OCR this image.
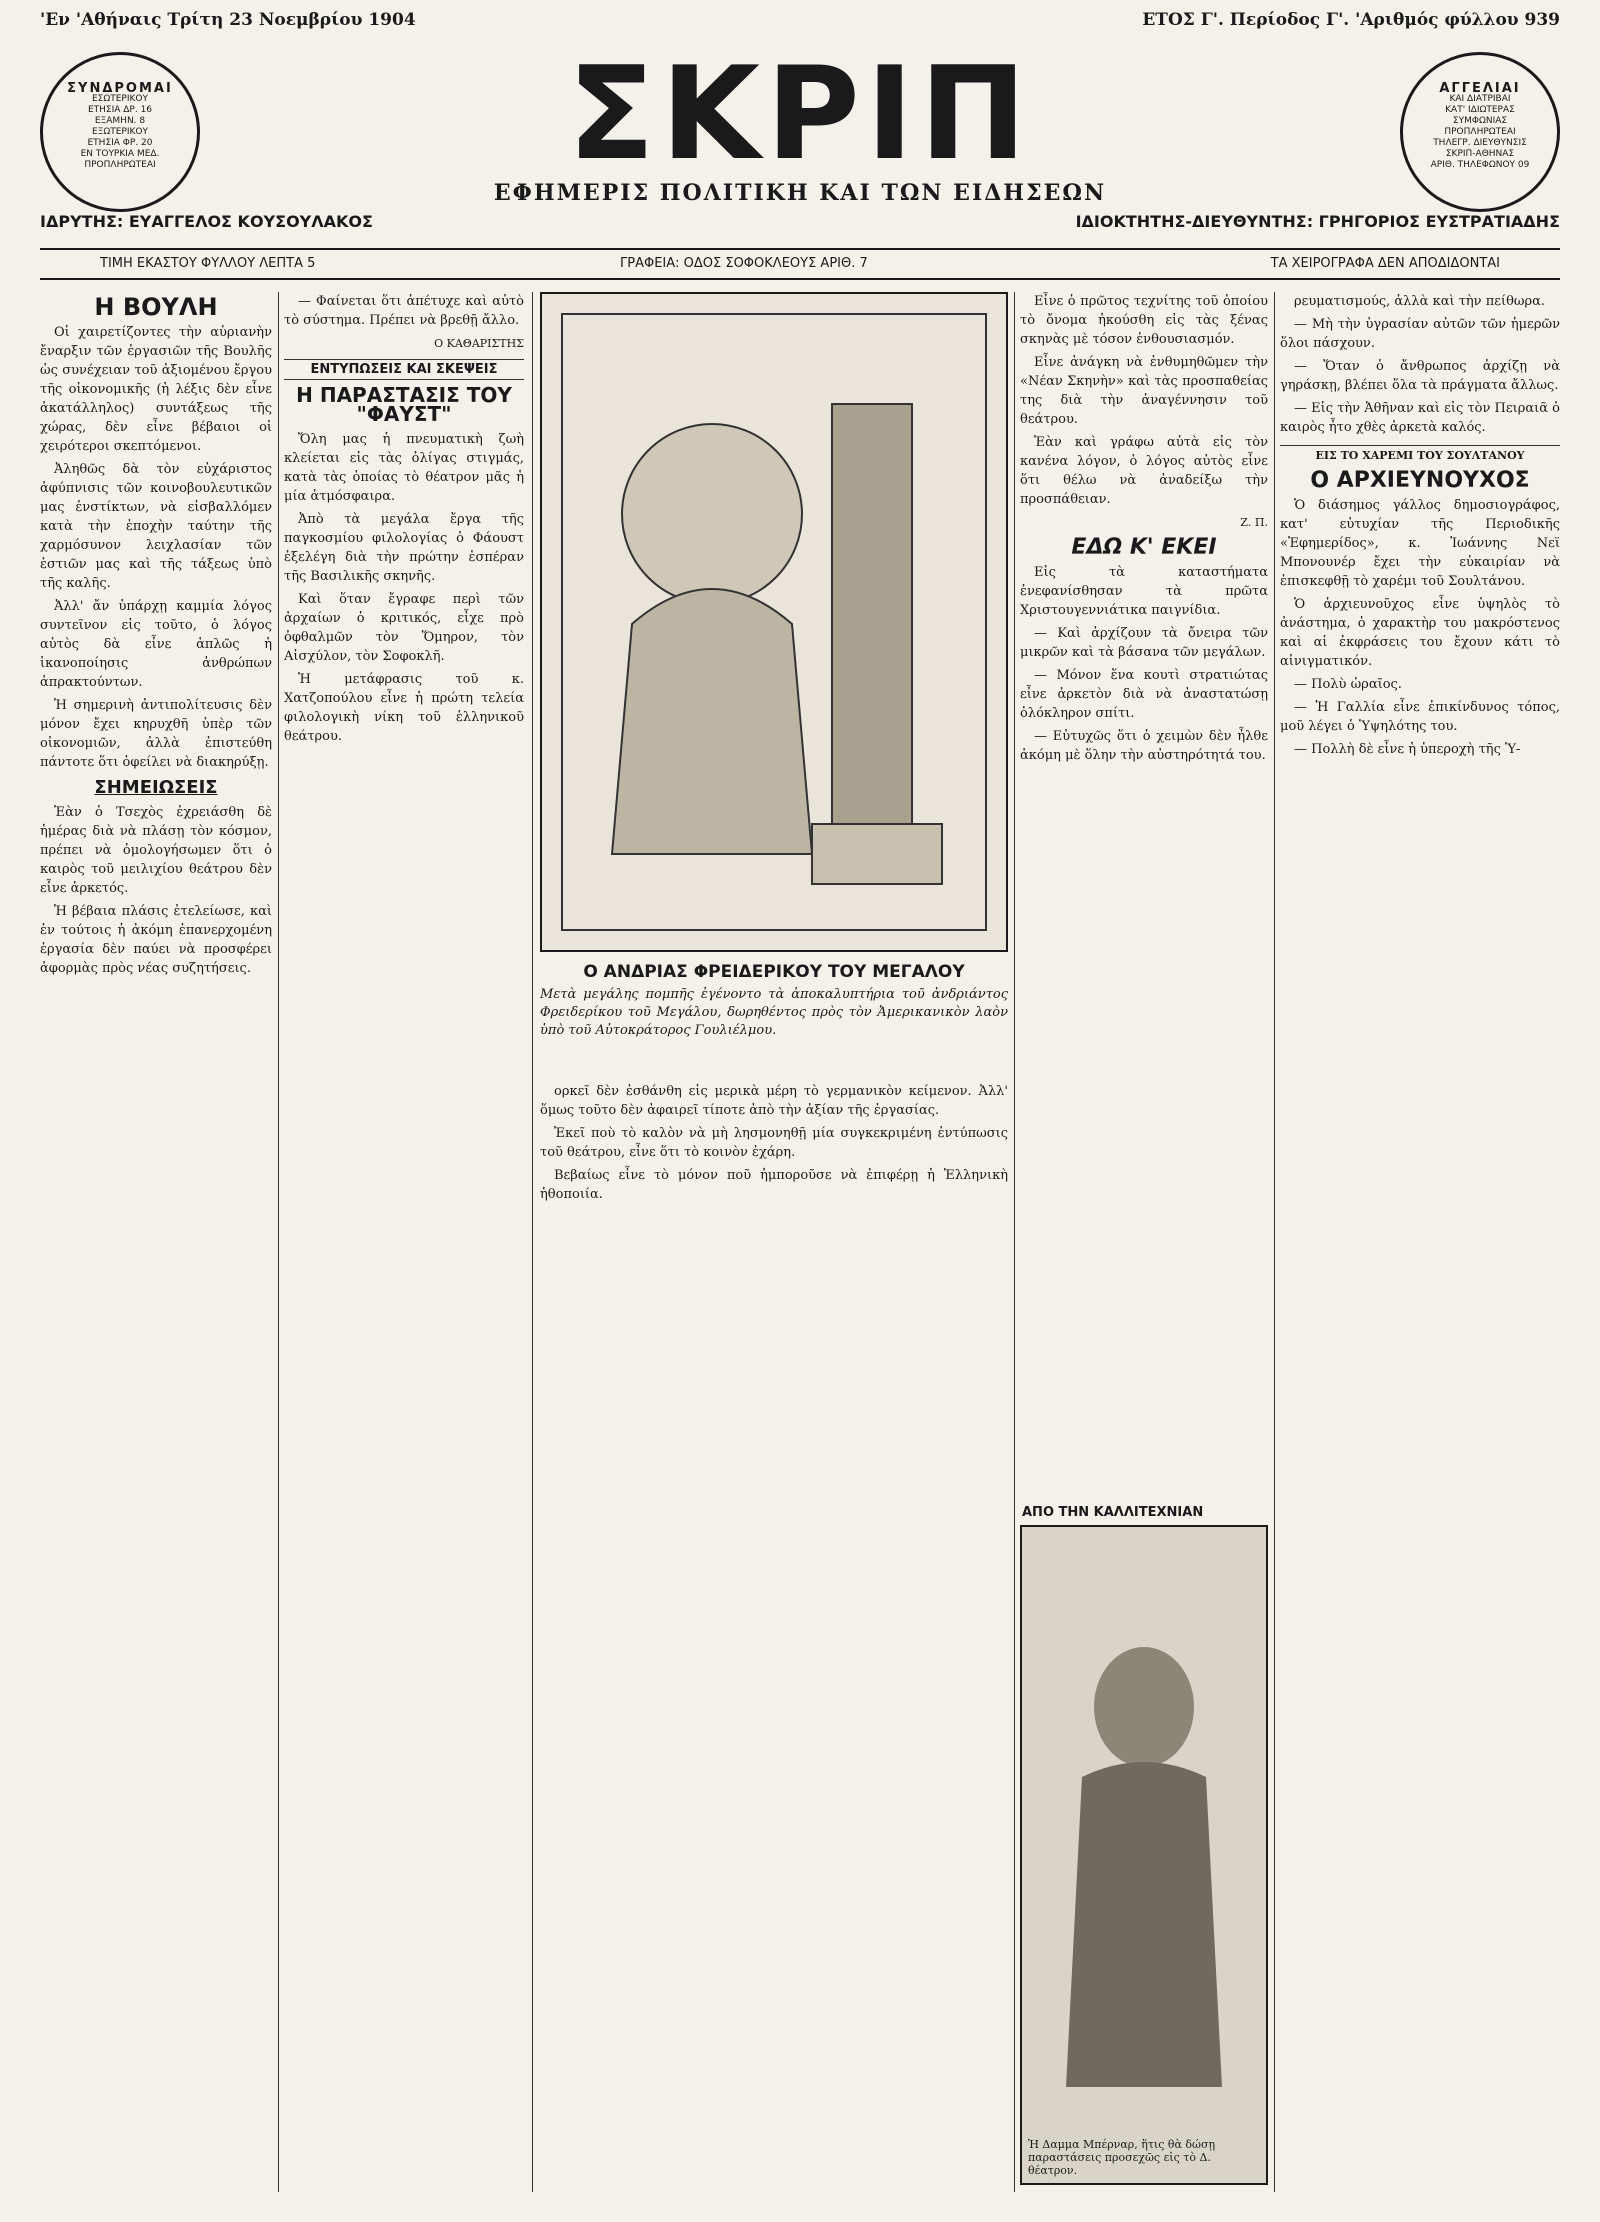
'Εν 'Αθήναις Τρίτη 23 Νοεμβρίου 1904	ΕΤΟΣ Γ'. Περίοδος Γ'. 'Αριθμός φύλλου 939
ΣΥΝΔΡΟΜΑΙ
ΕΣΩΤΕΡΙΚΟΥ
ΕΤΗΣΙΑ ΔΡ. 16
ΕΞΑΜΗΝ. 8
ΕΞΩΤΕΡΙΚΟΥ
ΕΤΗΣΙΑ ΦΡ. 20
ΕΝ ΤΟΥΡΚΙΑ ΜΕΔ.
ΠΡΟΠΛΗΡΩΤΕΑΙ	ΣΚΡΙΠ
ΕΦΗΜΕΡΙΣ ΠΟΛΙΤΙΚΗ ΚΑΙ ΤΩΝ ΕΙΔΗΣΕΩΝ
ΑΓΓΕΛΙΑΙ
ΚΑΙ ΔΙΑΤΡΙΒΑΙ
ΚΑΤ' ΙΔΙΩΤΕΡΑΣ
ΣΥΜΦΩΝΙΑΣ
ΠΡΟΠΛΗΡΩΤΕΑΙ
ΤΗΛΕΓΡ. ΔΙΕΥΘΥΝΣΙΣ
ΣΚΡΙΠ-ΑΘΗΝΑΣ
ΑΡΙΘ. ΤΗΛΕΦΩΝΟΥ 09
ΙΔΡΥΤΗΣ: ΕΥΑΓΓΕΛΟΣ ΚΟΥΣΟΥΛΑΚΟΣ	ΙΔΙΟΚΤΗΤΗΣ-ΔΙΕΥΘΥΝΤΗΣ: ΓΡΗΓΟΡΙΟΣ ΕΥΣΤΡΑΤΙΑΔΗΣ
ΤΙΜΗ ΕΚΑΣΤΟΥ ΦΥΛΛΟΥ ΛΕΠΤΑ 5	ΓΡΑΦΕΙΑ: ΟΔΟΣ ΣΟΦΟΚΛΕΟΥΣ ΑΡΙΘ. 7	ΤΑ ΧΕΙΡΟΓΡΑΦΑ ΔΕΝ ΑΠΟΔΙΔΟΝΤΑΙ
Η ΒΟΥΛΗ

Οἱ χαιρετίζοντες τὴν αὐριανὴν ἔναρξιν τῶν ἐργασιῶν τῆς Βουλῆς ὡς συνέχειαν τοῦ ἀξιομένου ἔργου τῆς οἰκονομικῆς (ἡ λέξις δὲν εἶνε ἀκατάλληλος) συντάξεως τῆς χώρας, δὲν εἶνε βέβαιοι οἱ χειρότεροι σκεπτόμενοι.

Ἀληθῶς δὰ τὸν εὐχάριστος ἀφύπνισις τῶν κοινοβουλευτικῶν μας ἐνστίκτων, νὰ εἰσβαλλόμεν κατὰ τὴν ἐποχὴν ταύτην τῆς χαρμόσυνον λειχλασίαν τῶν ἑστιῶν μας καὶ τῆς τάξεως ὑπὸ τῆς καλῆς.

Ἀλλ' ἄν ὑπάρχῃ καμμία λόγος συντεῖνον εἰς τοῦτο, ὁ λόγος αὐτὸς δὰ εἶνε ἁπλῶς ἡ ἱκανοποίησις ἀνθρώπων ἀπρακτούντων.

Ἡ σημερινὴ ἀντιπολίτευσις δὲν μόνον ἔχει κηρυχθῆ ὑπὲρ τῶν οἰκονομιῶν, ἀλλὰ ἐπιστεύθη πάντοτε ὅτι ὀφείλει νὰ διακηρύξῃ.

ΣΗΜΕΙΩΣΕΙΣ

Ἐὰν ὁ Τσεχὸς ἐχρειάσθη δὲ ἡμέρας διὰ νὰ πλάσῃ τὸν κόσμον, πρέπει νὰ ὁμολογήσωμεν ὅτι ὁ καιρὸς τοῦ μειλιχίου θεάτρου δὲν εἶνε ἀρκετός.

Ἡ βέβαια πλάσις ἐτελείωσε, καὶ ἐν τούτοις ἡ ἀκόμη ἐπανερχομένη ἐργασία δὲν παύει νὰ προσφέρει ἀφορμὰς πρὸς νέας συζητήσεις.

— Φαίνεται ὅτι ἀπέτυχε καὶ αὐτὸ τὸ σύστημα. Πρέπει νὰ βρεθῇ ἄλλο.

Ο ΚΑΘΑΡΙΣΤΗΣ
ΕΝΤΥΠΩΣΕΙΣ ΚΑΙ ΣΚΕΨΕΙΣ
Η ΠΑΡΑΣΤΑΣΙΣ ΤΟΥ "ΦΑΥΣΤ"

Ὅλη μας ἡ πνευματικὴ ζωὴ κλείεται εἰς τὰς ὀλίγας στιγμάς, κατὰ τὰς ὁποίας τὸ θέατρον μᾶς ἡ μία ἀτμόσφαιρα.

Ἀπὸ τὰ μεγάλα ἔργα τῆς παγκοσμίου φιλολογίας ὁ Φάουστ ἐξελέγη διὰ τὴν πρώτην ἑσπέραν τῆς Βασιλικῆς σκηνῆς.

Καὶ ὅταν ἔγραφε περὶ τῶν ἀρχαίων ὁ κριτικός, εἶχε πρὸ ὀφθαλμῶν τὸν Ὅμηρον, τὸν Αἰσχύλον, τὸν Σοφοκλῆ.

Ἡ μετάφρασις τοῦ κ. Χατζοπούλου εἶνε ἡ πρώτη τελεία φιλολογικὴ νίκη τοῦ ἑλληνικοῦ θεάτρου.

Ο ΑΝΔΡΙΑΣ ΦΡΕΙΔΕΡΙΚΟΥ ΤΟΥ ΜΕΓΑΛΟΥ
Μετὰ μεγάλης πομπῆς ἐγένοντο τὰ ἀποκαλυπτήρια τοῦ ἀνδριάντος Φρειδερίκου τοῦ Μεγάλου, δωρηθέντος πρὸς τὸν Ἀμερικανικὸν λαὸν ὑπὸ τοῦ Αὐτοκράτορος Γουλιέλμου.

ορκεῖ δὲν ἐσθάνθη εἰς μερικὰ μέρη τὸ γερμανικὸν κείμενον. Ἀλλ' ὅμως τοῦτο δὲν ἀφαιρεῖ τίποτε ἀπὸ τὴν ἀξίαν τῆς ἐργασίας.

Ἐκεῖ ποὺ τὸ καλὸν νὰ μὴ λησμονηθῇ μία συγκεκριμένη ἐντύπωσις τοῦ θεάτρου, εἶνε ὅτι τὸ κοινὸν ἐχάρη.

Βεβαίως εἶνε τὸ μόνον ποῦ ἠμποροῦσε νὰ ἐπιφέρῃ ἡ Ἑλληνικὴ ἡθοποιία.

Εἶνε ὁ πρῶτος τεχνίτης τοῦ ὁποίου τὸ ὄνομα ἠκούσθη εἰς τὰς ξένας σκηνὰς μὲ τόσον ἐνθουσιασμόν.

Εἶνε ἀνάγκη νὰ ἐνθυμηθῶμεν τὴν «Νέαν Σκηνὴν» καὶ τὰς προσπαθείας της διὰ τὴν ἀναγέννησιν τοῦ θεάτρου.

Ἐὰν καὶ γράφω αὐτὰ εἰς τὸν κανένα λόγον, ὁ λόγος αὐτὸς εἶνε ὅτι θέλω νὰ ἀναδείξω τὴν προσπάθειαν.

Ζ. Π.
ΕΔΩ Κ' ΕΚΕΙ

Εἰς τὰ καταστήματα ἐνεφανίσθησαν τὰ πρῶτα Χριστουγεννιάτικα παιγνίδια.

— Καὶ ἀρχίζουν τὰ ὄνειρα τῶν μικρῶν καὶ τὰ βάσανα τῶν μεγάλων.

— Μόνον ἕνα κουτὶ στρατιώτας εἶνε ἀρκετὸν διὰ νὰ ἀναστατώσῃ ὁλόκληρον σπίτι.

— Εὐτυχῶς ὅτι ὁ χειμὼν δὲν ἦλθε ἀκόμη μὲ ὅλην τὴν αὐστηρότητά του.

ΑΠΟ ΤΗΝ ΚΑΛΛΙΤΕΧΝΙΑΝ
Ἡ Δαμμα Μπέρναρ, ἥτις θὰ δώσῃ παραστάσεις προσεχῶς εἰς τὸ Δ. θέατρον.

ρευματισμούς, ἀλλὰ καὶ τὴν πείθωρα.

— Μὴ τὴν ὑγρασίαν αὐτῶν τῶν ἡμερῶν ὅλοι πάσχουν.

— Ὅταν ὁ ἄνθρωπος ἀρχίζῃ νὰ γηράσκῃ, βλέπει ὅλα τὰ πράγματα ἄλλως.

— Εἰς τὴν Ἀθῆναν καὶ εἰς τὸν Πειραιᾶ ὁ καιρὸς ἦτο χθὲς ἀρκετὰ καλός.

ΕΙΣ ΤΟ ΧΑΡΕΜΙ ΤΟΥ ΣΟΥΛΤΑΝΟΥ
Ο ΑΡΧΙΕΥΝΟΥΧΟΣ

Ὁ διάσημος γάλλος δημοσιογράφος, κατ' εὐτυχίαν τῆς Περιοδικῆς «Ἐφημερίδος», κ. Ἰωάννης Νεϊ Μπονουνέρ ἔχει τὴν εὐκαιρίαν νὰ ἐπισκεφθῇ τὸ χαρέμι τοῦ Σουλτάνου.

Ὁ ἀρχιευνοῦχος εἶνε ὑψηλὸς τὸ ἀνάστημα, ὁ χαρακτὴρ του μακρόστενος καὶ αἱ ἐκφράσεις του ἔχουν κάτι τὸ αἰνιγματικόν.

— Πολὺ ὡραῖος.

— Ἡ Γαλλία εἶνε ἐπικίνδυνος τόπος, μοῦ λέγει ὁ Ὑψηλότης του.

— Πολλὴ δὲ εἶνε ἡ ὑπεροχὴ τῆς Ὑ-
